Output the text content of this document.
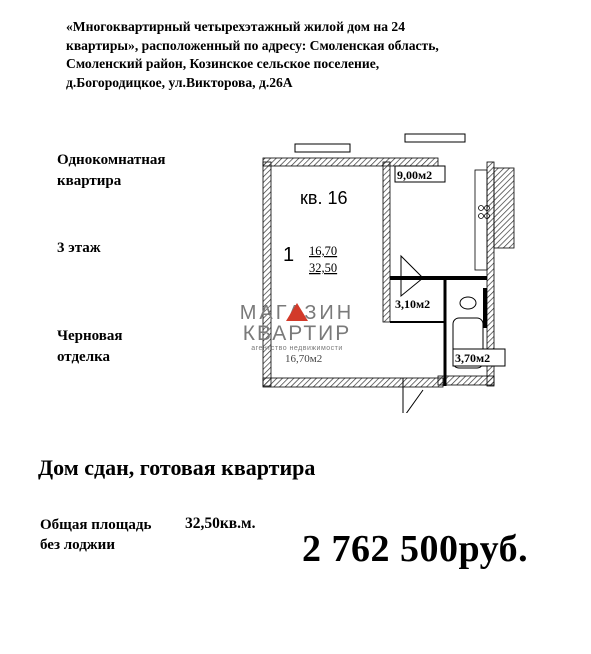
«Многоквартирный четырехэтажный жилой дом на 24
квартиры», расположенный по адресу: Смоленская область,
Смоленский район, Козинское сельское поселение,
д.Богородицкое, ул.Викторова, д.26А
Однокомнатная
квартира
3 этаж
Черновая
отделка
кв. 16
1 16,70
32,50
9,00м2
3,10м2
3,70м2
16,70м2
МАГАЗИН
КВАРТИР
агентство недвижимости
Дом сдан, готовая квартира
Общая площадь
без лоджии
32,50кв.м.
2 762 500руб.
